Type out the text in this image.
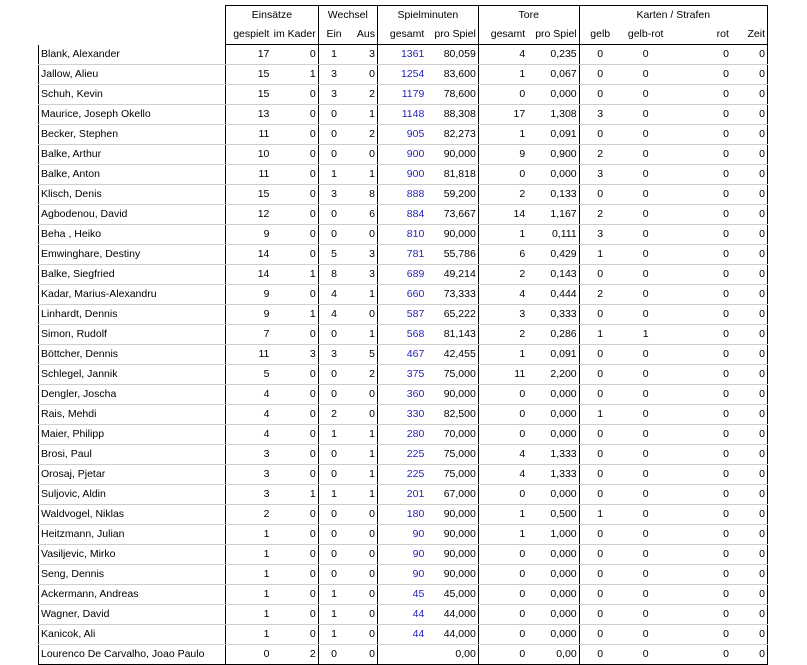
	Einsätze		Wechsel		Spielminuten		Tore		Karten / Strafen			
	gespielt	im Kader	Ein	Aus	gesamt	pro Spiel	gesamt	pro Spiel	gelb	gelb-rot	rot	Zeit
Blank, Alexander	17	0	1	3	1361	80,059	4	0,235	0	0	0	0
Jallow, Alieu	15	1	3	0	1254	83,600	1	0,067	0	0	0	0
Schuh, Kevin	15	0	3	2	1179	78,600	0	0,000	0	0	0	0
Maurice, Joseph Okello	13	0	0	1	1148	88,308	17	1,308	3	0	0	0
Becker, Stephen	11	0	0	2	905	82,273	1	0,091	0	0	0	0
Balke, Arthur	10	0	0	0	900	90,000	9	0,900	2	0	0	0
Balke, Anton	11	0	1	1	900	81,818	0	0,000	3	0	0	0
Klisch, Denis	15	0	3	8	888	59,200	2	0,133	0	0	0	0
Agbodenou, David	12	0	0	6	884	73,667	14	1,167	2	0	0	0
Beha , Heiko	9	0	0	0	810	90,000	1	0,111	3	0	0	0
Emwinghare, Destiny	14	0	5	3	781	55,786	6	0,429	1	0	0	0
Balke, Siegfried	14	1	8	3	689	49,214	2	0,143	0	0	0	0
Kadar, Marius-Alexandru	9	0	4	1	660	73,333	4	0,444	2	0	0	0
Linhardt, Dennis	9	1	4	0	587	65,222	3	0,333	0	0	0	0
Simon, Rudolf	7	0	0	1	568	81,143	2	0,286	1	1	0	0
Böttcher, Dennis	11	3	3	5	467	42,455	1	0,091	0	0	0	0
Schlegel, Jannik	5	0	0	2	375	75,000	11	2,200	0	0	0	0
Dengler, Joscha	4	0	0	0	360	90,000	0	0,000	0	0	0	0
Rais, Mehdi	4	0	2	0	330	82,500	0	0,000	1	0	0	0
Maier, Philipp	4	0	1	1	280	70,000	0	0,000	0	0	0	0
Brosi, Paul	3	0	0	1	225	75,000	4	1,333	0	0	0	0
Orosaj, Pjetar	3	0	0	1	225	75,000	4	1,333	0	0	0	0
Suljovic, Aldin	3	1	1	1	201	67,000	0	0,000	0	0	0	0
Waldvogel, Niklas	2	0	0	0	180	90,000	1	0,500	1	0	0	0
Heitzmann, Julian	1	0	0	0	90	90,000	1	1,000	0	0	0	0
Vasiljevic, Mirko	1	0	0	0	90	90,000	0	0,000	0	0	0	0
Seng, Dennis	1	0	0	0	90	90,000	0	0,000	0	0	0	0
Ackermann, Andreas	1	0	1	0	45	45,000	0	0,000	0	0	0	0
Wagner, David	1	0	1	0	44	44,000	0	0,000	0	0	0	0
Kanicok, Ali	1	0	1	0	44	44,000	0	0,000	0	0	0	0
Lourenco De Carvalho, Joao Paulo	0	2	0	0		0,00	0	0,00	0	0	0	0
